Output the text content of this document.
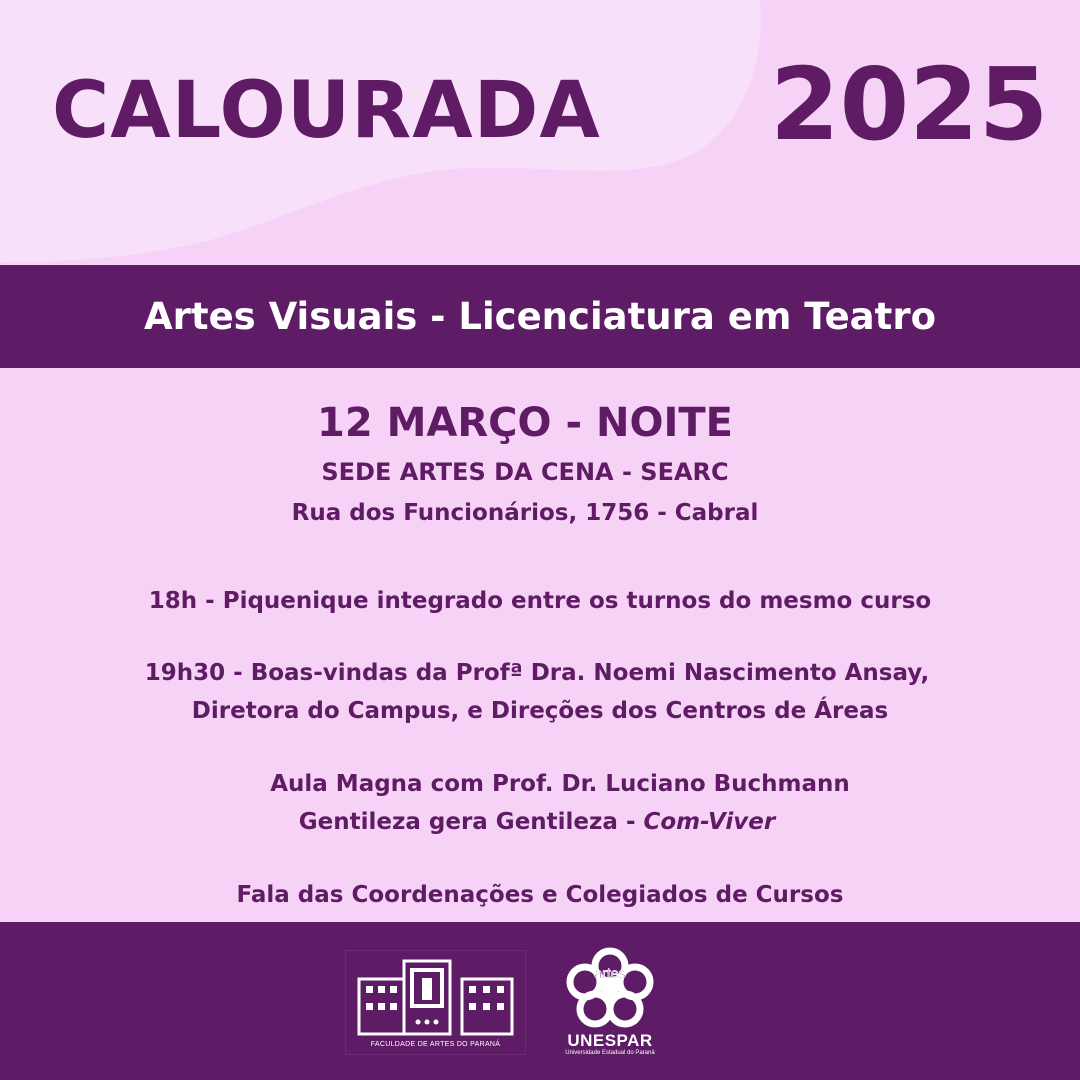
CALOURADA 2025
Artes Visuais - Licenciatura em Teatro
12 MARÇO - NOITE
SEDE ARTES DA CENA - SEARC
Rua dos Funcionários, 1756 - Cabral
18h - Piquenique integrado entre os turnos do mesmo curso
19h30 - Boas-vindas da Profª Dra. Noemi Nascimento Ansay,
Diretora do Campus, e Direções dos Centros de Áreas
Aula Magna com Prof. Dr. Luciano Buchmann
Gentileza gera Gentileza - Com-Viver
Fala das Coordenações e Colegiados de Cursos
FACULDADE DE ARTES DO PARANÁ
artes
UNESPAR
Universidade Estadual do Paraná
